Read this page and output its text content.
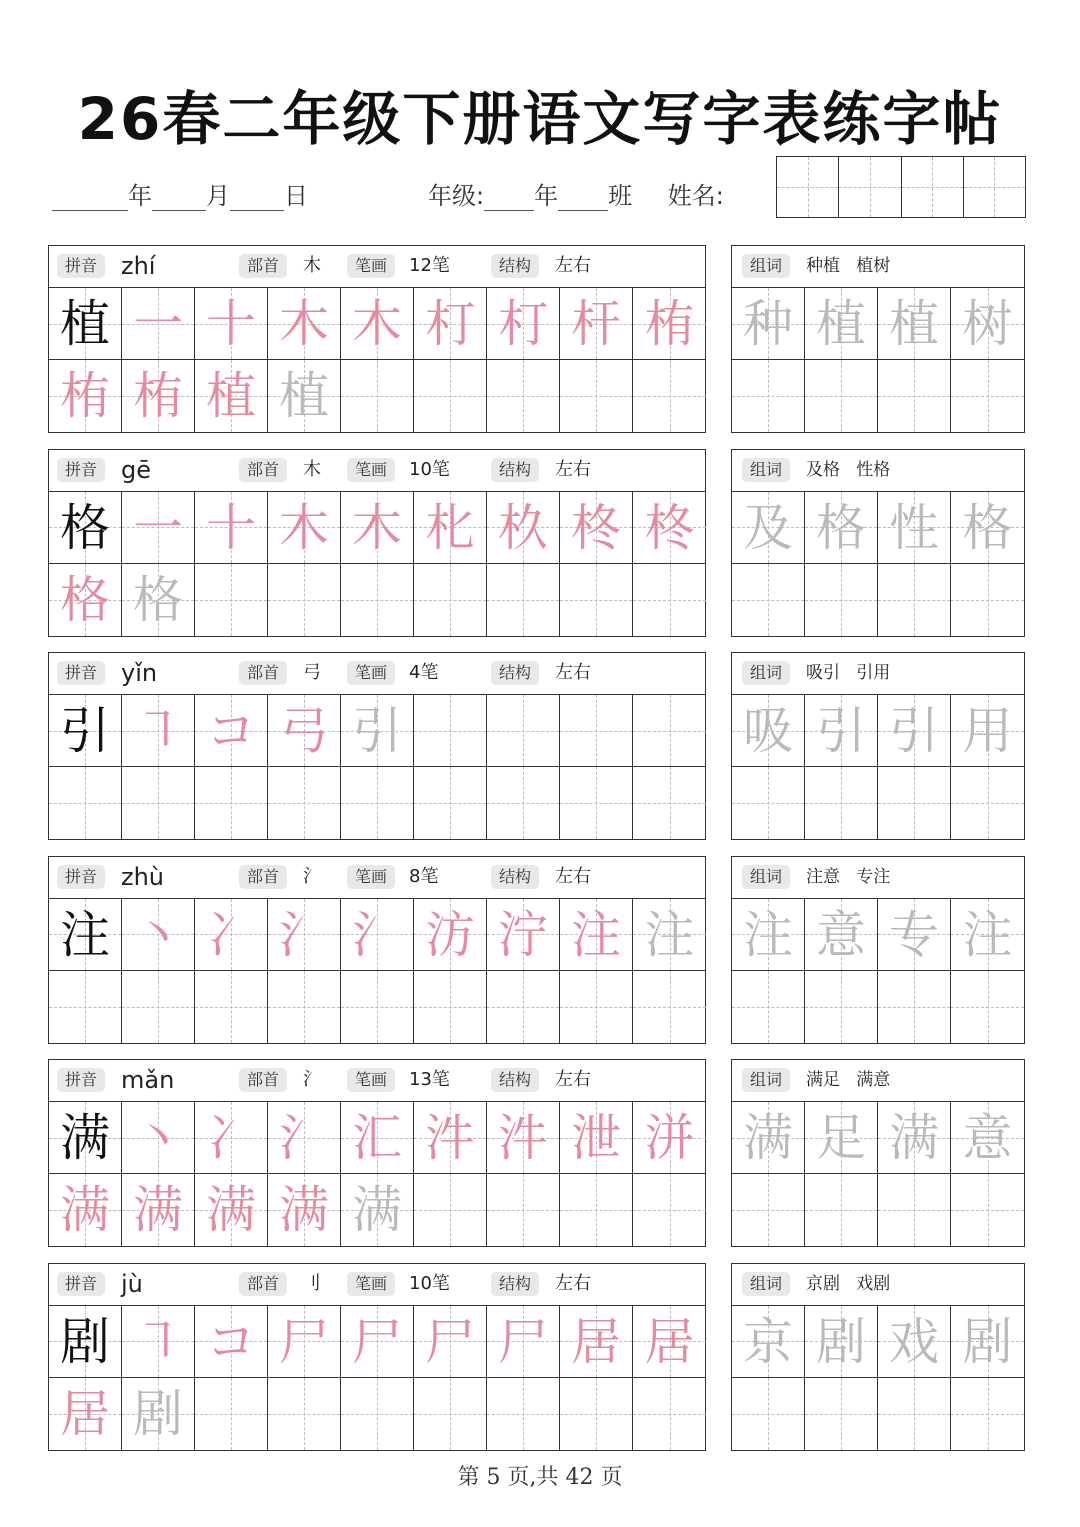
26春二年级下册语文写字表练字帖
年 月 日	年级: 年 班 姓名:
拼音 zhí	部首	木	笔画	12笔	结构	左右
植 一 十 木 木 朾 朾 杆 栯
栯 栯 植 植
组词	种植   植树
种 植 植 树
拼音 gē	部首	木	笔画	10笔	结构	左右
格 一 十 木 木 朼 杦 柊 柊
格 格
组词	及格   性格
及 格 性 格
拼音 yǐn	部首	弓	笔画	4笔	结构	左右
引 ㇕ コ 弓 引
组词	吸引   引用
吸 引 引 用
拼音 zhù	部首	氵	笔画	8笔	结构	左右
注 丶 冫 氵 氵 汸 泞 注 注
组词	注意   专注
注 意 专 注
拼音 mǎn	部首	氵	笔画	13笔	结构	左右
满 丶 冫 氵 汇 汼 汼 泄 洴
满 满 满 满 满
组词	满足   满意
满 足 满 意
拼音 jù	部首	刂	笔画	10笔	结构	左右
剧 ㇕ コ 尸 尸 尸 尸 居 居
居 剧
组词	京剧   戏剧
京 剧 戏 剧
第 5 页,共 42 页
